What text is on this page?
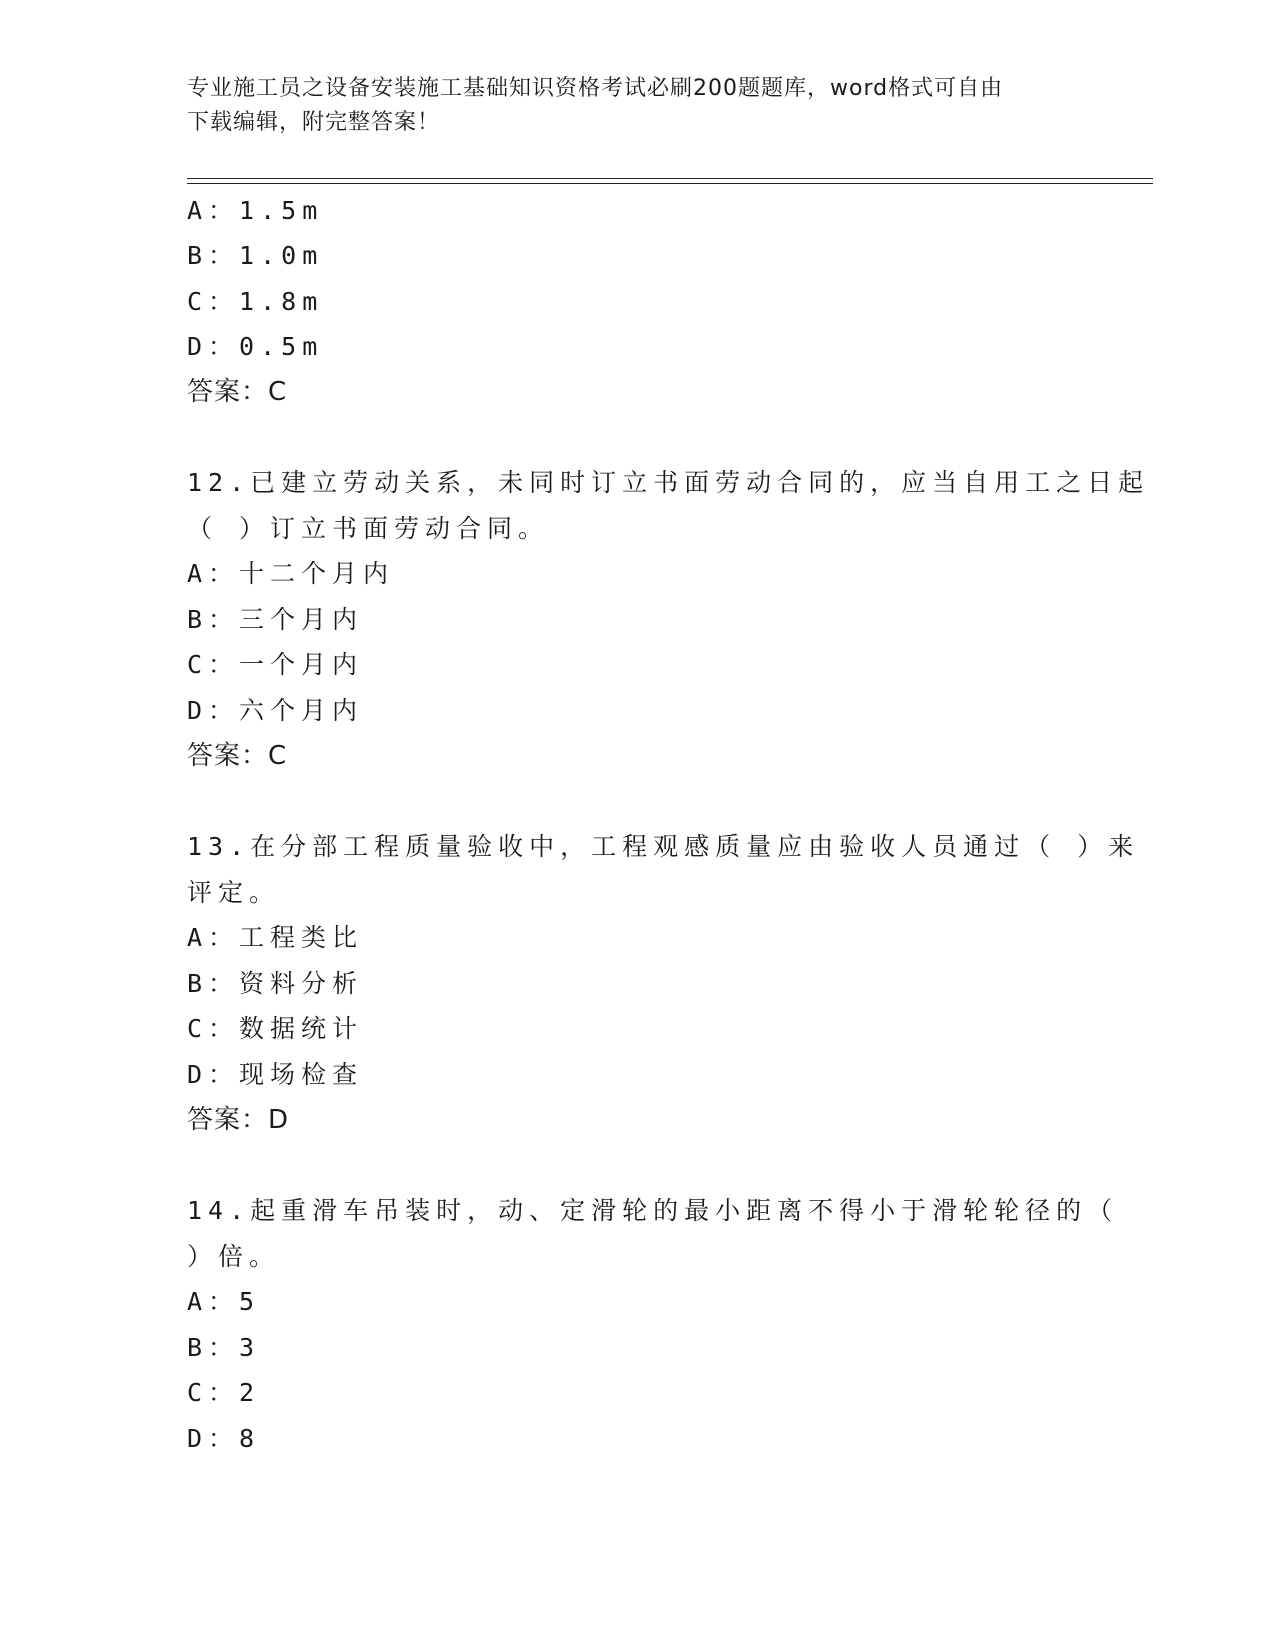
专业施工员之设备安装施工基础知识资格考试必刷200题题库，word格式可自由
下载编辑，附完整答案！
A：1.5m
B：1.0m
C：1.8m
D：0.5m
答案：C
12.已建立劳动关系，未同时订立书面劳动合同的，应当自用工之日起
（ ）订立书面劳动合同。
A：十二个月内
B：三个月内
C：一个月内
D：六个月内
答案：C
13.在分部工程质量验收中，工程观感质量应由验收人员通过（ ）来
评定。
A：工程类比
B：资料分析
C：数据统计
D：现场检查
答案：D
14.起重滑车吊装时，动、定滑轮的最小距离不得小于滑轮轮径的（
）倍。
A：5
B：3
C：2
D：8
